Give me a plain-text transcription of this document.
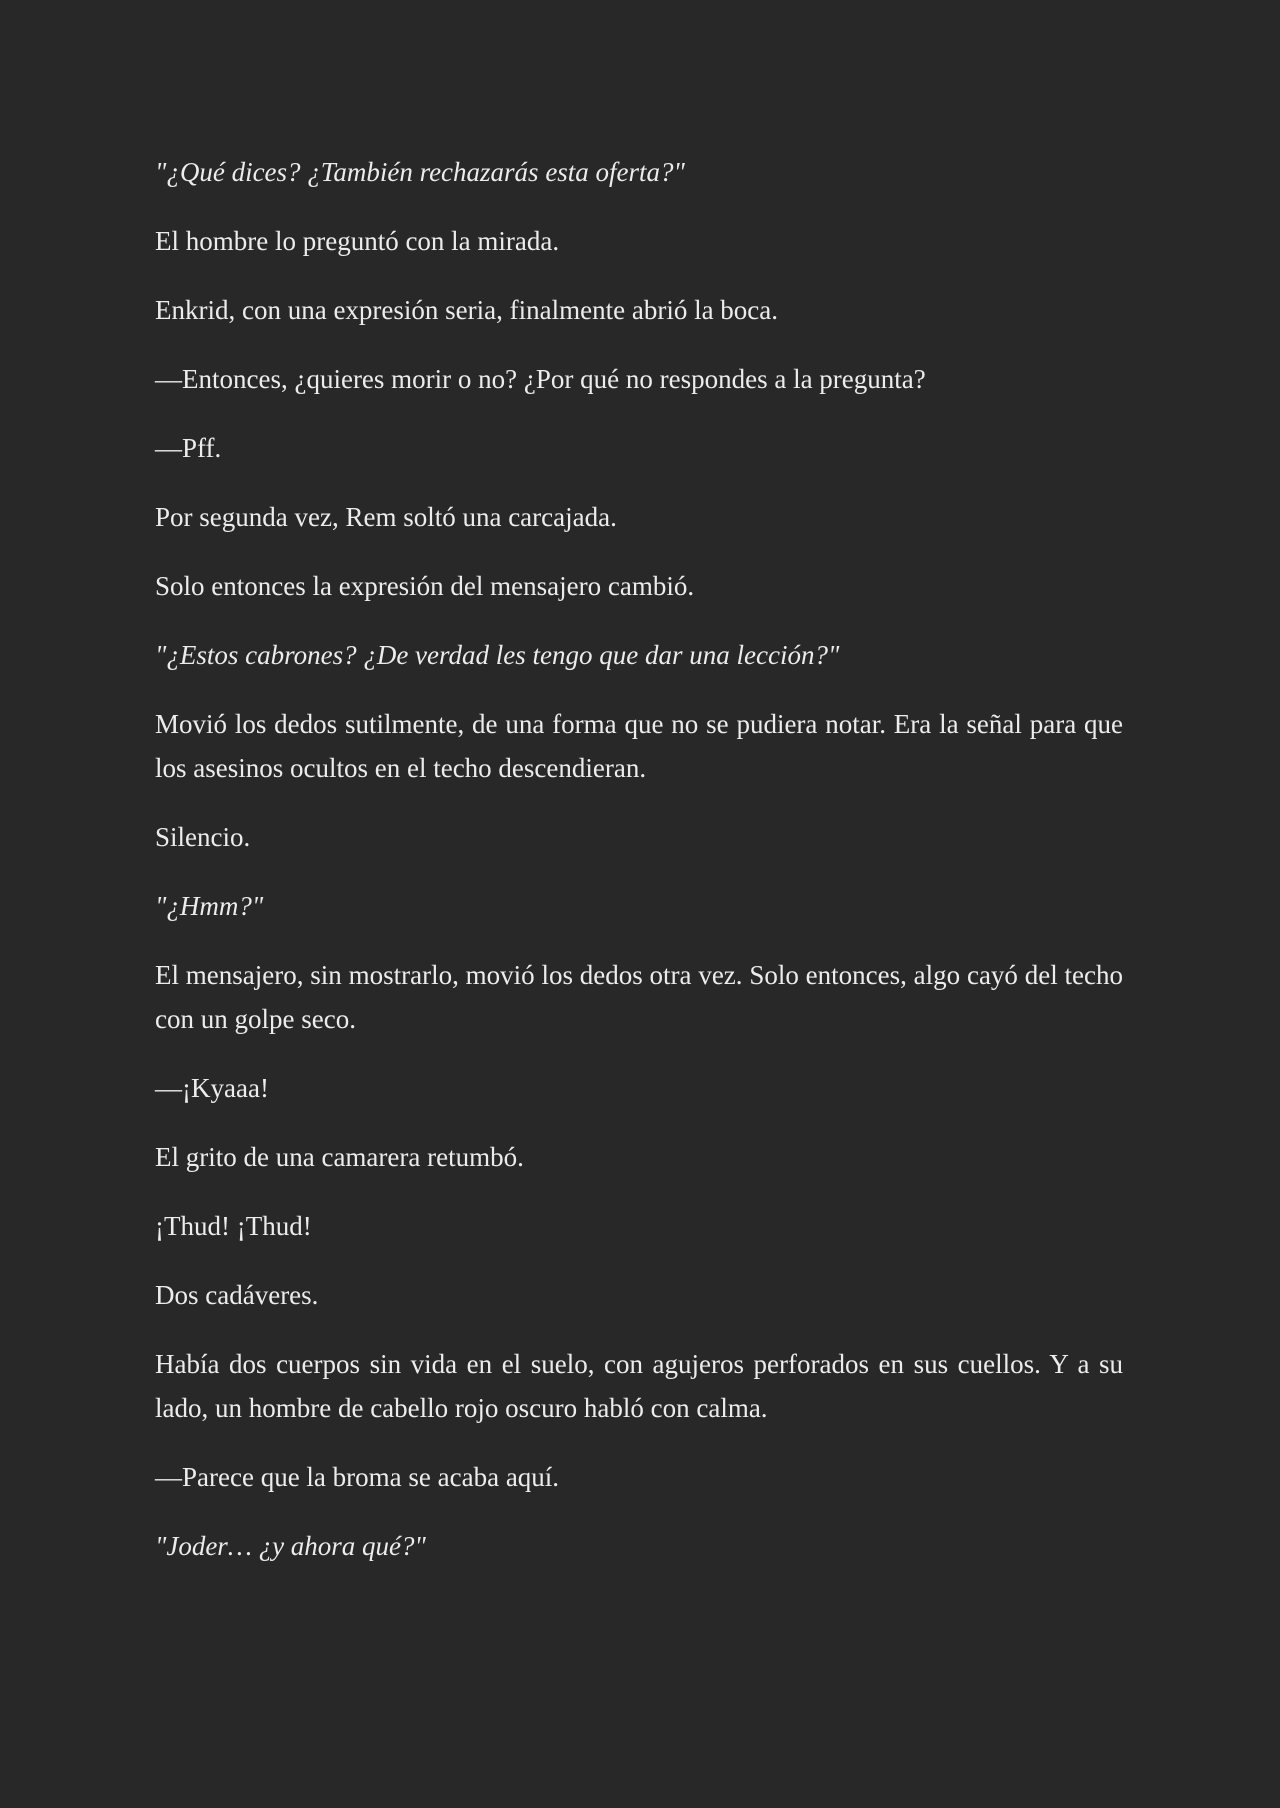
"¿Qué dices? ¿También rechazarás esta oferta?"

El hombre lo preguntó con la mirada.

Enkrid, con una expresión seria, finalmente abrió la boca.

—Entonces, ¿quieres morir o no? ¿Por qué no respondes a la pregunta?

—Pff.

Por segunda vez, Rem soltó una carcajada.

Solo entonces la expresión del mensajero cambió.

"¿Estos cabrones? ¿De verdad les tengo que dar una lección?"

Movió los dedos sutilmente, de una forma que no se pudiera notar. Era la señal para que los asesinos ocultos en el techo descendieran.

Silencio.

"¿Hmm?"

El mensajero, sin mostrarlo, movió los dedos otra vez. Solo entonces, algo cayó del techo con un golpe seco.

—¡Kyaaa!

El grito de una camarera retumbó.

¡Thud! ¡Thud!

Dos cadáveres.

Había dos cuerpos sin vida en el suelo, con agujeros perforados en sus cuellos. Y a su lado, un hombre de cabello rojo oscuro habló con calma.

—Parece que la broma se acaba aquí.

"Joder… ¿y ahora qué?"
